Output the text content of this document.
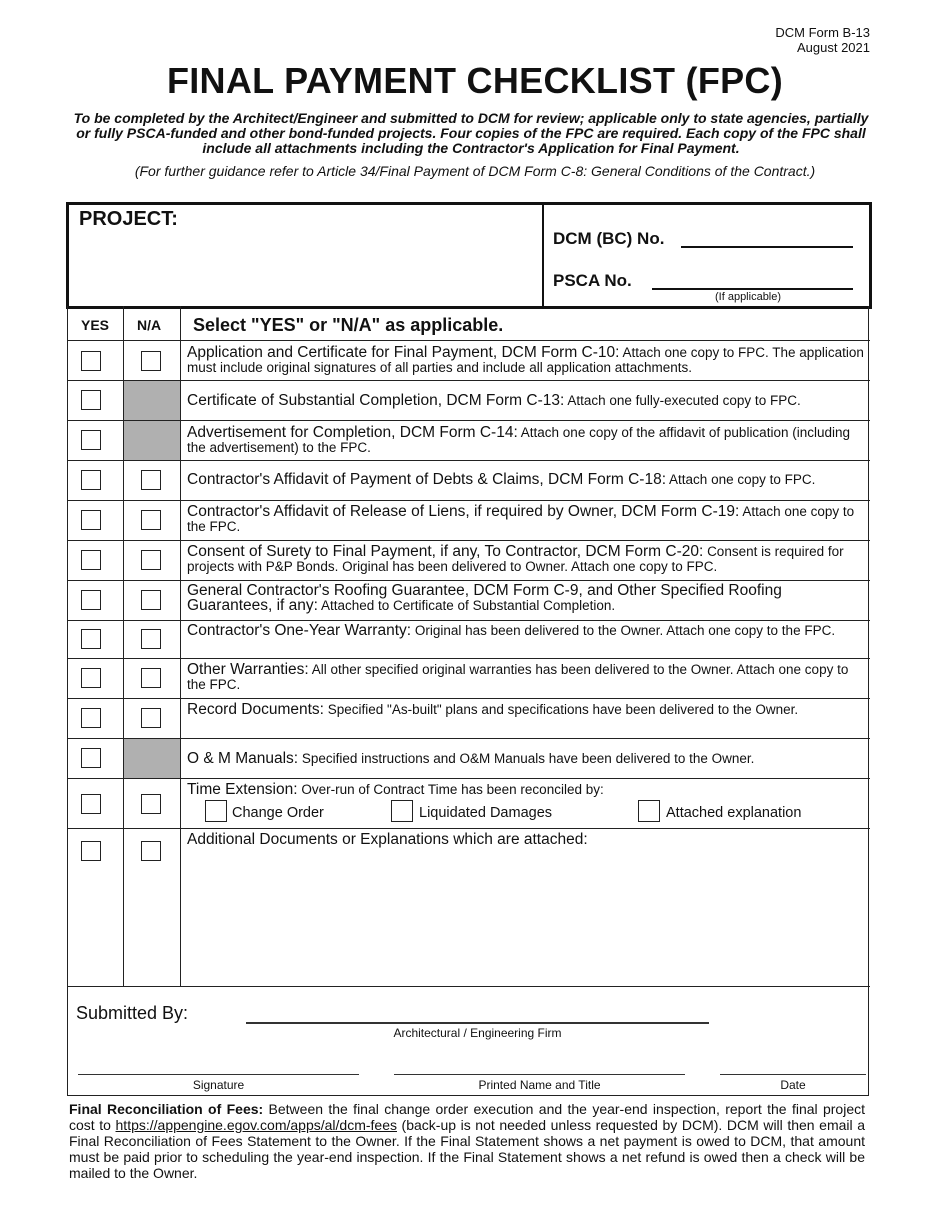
DCM Form B-13
August 2021
FINAL PAYMENT CHECKLIST (FPC)
To be completed by the Architect/Engineer and submitted to DCM for review; applicable only to state agencies, partially or fully PSCA-funded and other bond-funded projects. Four copies of the FPC are required. Each copy of the FPC shall include all attachments including the Contractor's Application for Final Payment.
(For further guidance refer to Article 34/Final Payment of DCM Form C-8: General Conditions of the Contract.)
PROJECT:
DCM (BC) No.
PSCA No.
(If applicable)
YES N/A Select "YES" or "N/A" as applicable.
Application and Certificate for Final Payment, DCM Form C-10: Attach one copy to FPC. The application must include original signatures of all parties and include all application attachments.
Certificate of Substantial Completion, DCM Form C-13: Attach one fully-executed copy to FPC.
Advertisement for Completion, DCM Form C-14: Attach one copy of the affidavit of publication (including the advertisement) to the FPC.
Contractor's Affidavit of Payment of Debts & Claims, DCM Form C-18: Attach one copy to FPC.
Contractor's Affidavit of Release of Liens, if required by Owner, DCM Form C-19: Attach one copy to the FPC.
Consent of Surety to Final Payment, if any, To Contractor, DCM Form C-20: Consent is required for projects with P&P Bonds. Original has been delivered to Owner. Attach one copy to FPC.
General Contractor's Roofing Guarantee, DCM Form C-9, and Other Specified Roofing Guarantees, if any: Attached to Certificate of Substantial Completion.
Contractor's One-Year Warranty: Original has been delivered to the Owner. Attach one copy to the FPC.
Other Warranties: All other specified original warranties has been delivered to the Owner. Attach one copy to the FPC.
Record Documents: Specified "As-built" plans and specifications have been delivered to the Owner.
O & M Manuals: Specified instructions and O&M Manuals have been delivered to the Owner.
Time Extension: Over-run of Contract Time has been reconciled by:
Change Order	Liquidated Damages	Attached explanation
Additional Documents or Explanations which are attached:
Submitted By:
Architectural / Engineering Firm
Signature	Printed Name and Title	Date
Final Reconciliation of Fees: Between the final change order execution and the year-end inspection, report the final project cost to https://appengine.egov.com/apps/al/dcm-fees (back-up is not needed unless requested by DCM). DCM will then email a Final Reconciliation of Fees Statement to the Owner. If the Final Statement shows a net payment is owed to DCM, that amount must be paid prior to scheduling the year-end inspection. If the Final Statement shows a net refund is owed then a check will be mailed to the Owner.
